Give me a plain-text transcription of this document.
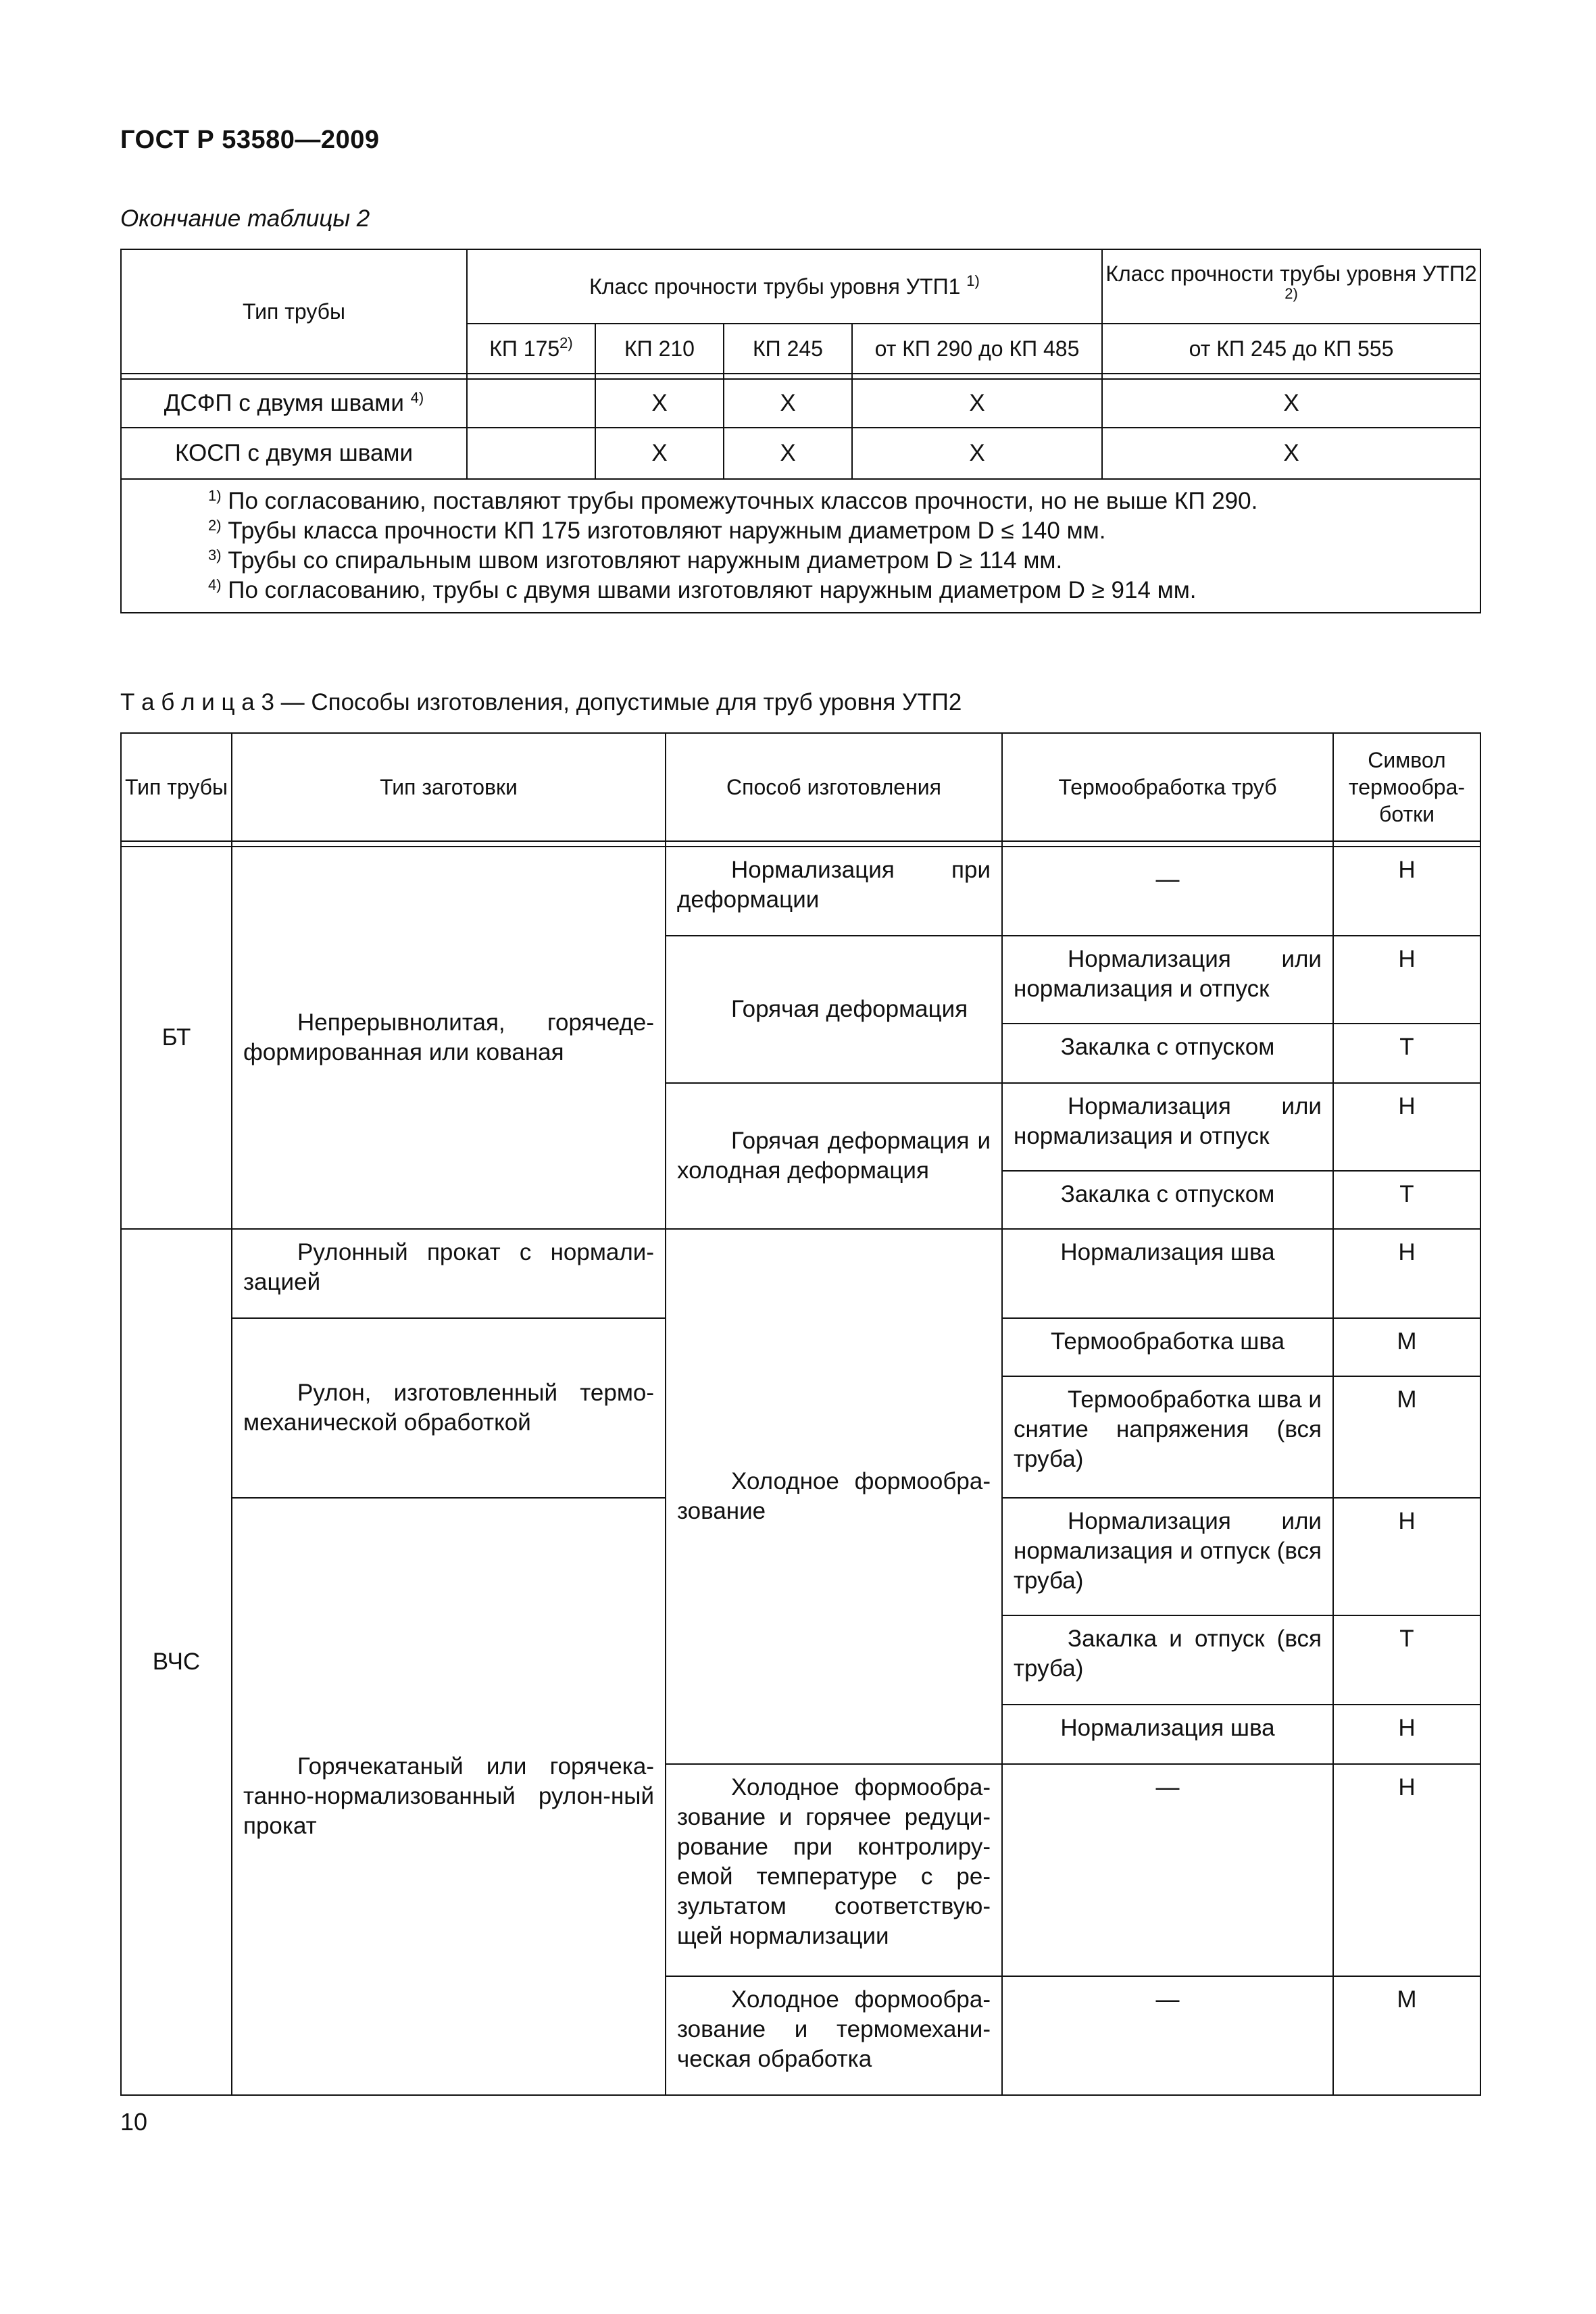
ГОСТ Р 53580—2009
Окончание таблицы 2
Тип трубы	Класс прочности трубы уровня УТП1 $^{1)}$				Класс прочности трубы уровня УТП2 $^{2)}$
	КП 175$^{2)}$	КП 210	КП 245	от КП 290 до КП 485	от КП 245 до КП 555

ДСФП с двумя швами $^{4)}$		X	X	X	X
КОСП с двумя швами		X	X	X	X

$^{1)}$ По согласованию, поставляют трубы промежуточных классов прочности, но не выше КП 290.
$^{2)}$ Трубы класса прочности КП 175 изготовляют наружным диаметром D ≤ 140 мм.
$^{3)}$ Трубы со спиральным швом изготовляют наружным диаметром D ≥ 114 мм.
$^{4)}$ По согласованию, трубы с двумя швами изготовляют наружным диаметром D ≥ 914 мм.					
Т а б л и ц а 3 — Способы изготовления, допустимые для труб уровня УТП2
Тип трубы	Тип заготовки	Способ изготовления	Термообработка труб	Символ термообра-ботки

БТ	Непрерывнолитая, горячеде-формированная или кованая	Нормализация при деформации	—	Н
		Горячая деформация	Нормализация или нормализация и отпуск	Н
			Закалка с отпуском	Т
		Горячая деформация и холодная деформация	Нормализация или нормализация и отпуск	Н
			Закалка с отпуском	Т
ВЧС	Рулонный прокат с нормали-зацией	Холодное формообра-зование	Нормализация шва	Н
	Рулон, изготовленный термо-механической обработкой		Термообработка шва	М
			Термообработка шва и снятие напряжения (вся труба)	М
	Горячекатаный или горячека-танно-нормализованный рулон-ный прокат		Нормализация или нормализация и отпуск (вся труба)	Н
			Закалка и отпуск (вся труба)	Т
			Нормализация шва	Н
		Холодное формообра-зование и горячее редуци-рование при контролиру-емой температуре с ре-зультатом соответствую-щей нормализации	—	Н
		Холодное формообра-зование и термомехани-ческая обработка	—	М
10
